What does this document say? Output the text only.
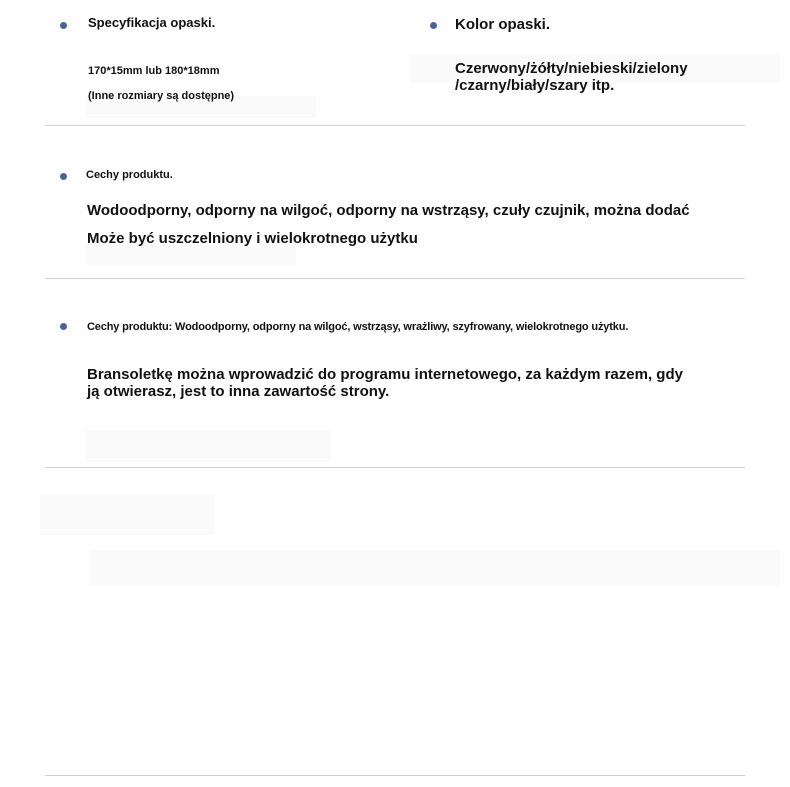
Specyfikacja opaski.

170*15mm lub 180*18mm

(Inne rozmiary są dostępne)

Kolor opaski.

Czerwony/żółty/niebieski/zielony

/czarny/biały/szary itp.

Cechy produktu.

Wodoodporny, odporny na wilgoć, odporny na wstrząsy, czuły czujnik, można dodać

Może być uszczelniony i wielokrotnego użytku

Cechy produktu: Wodoodporny, odporny na wilgoć, wstrząsy, wrażliwy, szyfrowany, wielokrotnego użytku.

Bransoletkę można wprowadzić do programu internetowego, za każdym razem, gdy

ją otwierasz, jest to inna zawartość strony.
